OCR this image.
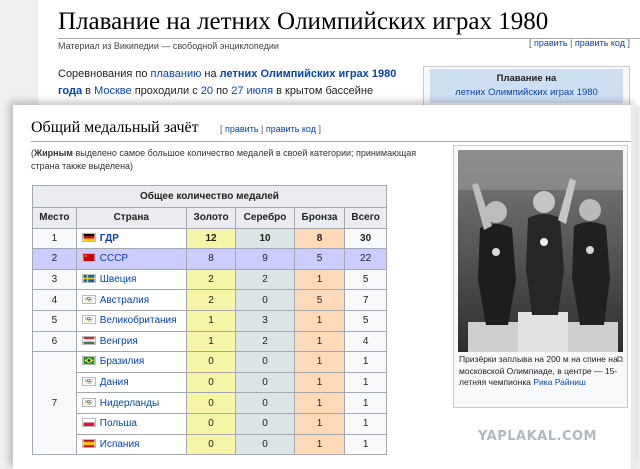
Плавание на летних Олимпийских играх 1980
Материал из Википедии — свободной энциклопедии	[ править | править код ]
Соревнования по плаванию на летних Олимпийских играх 1980 года в Москве проходили с 20 по 27 июля в крытом бассейне
Плавание на
летних Олимпийских играх 1980
Общий медальный зачёт [ править | править код ]
(Жирным выделено самое большое количество медалей в своей категории; принимающая страна также выделена)
Общее количество медалей					
Место	Страна	Золото	Серебро	Бронза	Всего
1	ГДР	12	10	8	30
2	СССР	8	9	5	22
3	Швеция	2	2	1	5
4	Австралия	2	0	5	7
5	Великобритания	1	3	1	5
6	Венгрия	1	2	1	4
7	Бразилия	0	0	1	1
	Дания	0	0	1	1
	Нидерланды	0	0	1	1
	Польша	0	0	1	1
	Испания	0	0	1	1
⧉
Призёрки заплыва на 200 м на спине на московской Олимпиаде, в центре — 15-летняя чемпионка Рика Райниш
YAPLAKAL.COM
